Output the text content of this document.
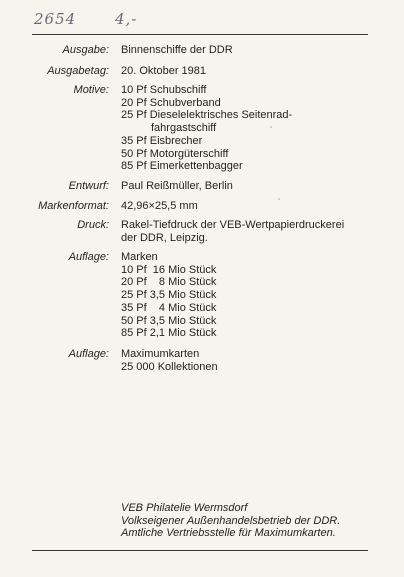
2654	4,-
Ausgabe: Binnenschiffe der DDR
Ausgabetag: 20. Oktober 1981
Motive: 10 Pf Schubschiff
20 Pf Schubverband
25 Pf Dieselelektrisches Seitenrad-
fahrgastschiff
35 Pf Eisbrecher
50 Pf Motorgüterschiff
85 Pf Eimerkettenbagger
Entwurf: Paul Reißmüller, Berlin
Markenformat: 42,96×25,5 mm
Druck: Rakel-Tiefdruck der VEB-Wertpapierdruckerei
der DDR, Leipzig.
Auflage: Marken
10 Pf  16 Mio Stück
20 Pf    8 Mio Stück
25 Pf 3,5 Mio Stück
35 Pf    4 Mio Stück
50 Pf 3,5 Mio Stück
85 Pf 2,1 Mio Stück
Auflage: Maximumkarten
25 000 Kollektionen
VEB Philatelie Wermsdorf
Volkseigener Außenhandelsbetrieb der DDR.
Amtliche Vertriebsstelle für Maximumkarten.
